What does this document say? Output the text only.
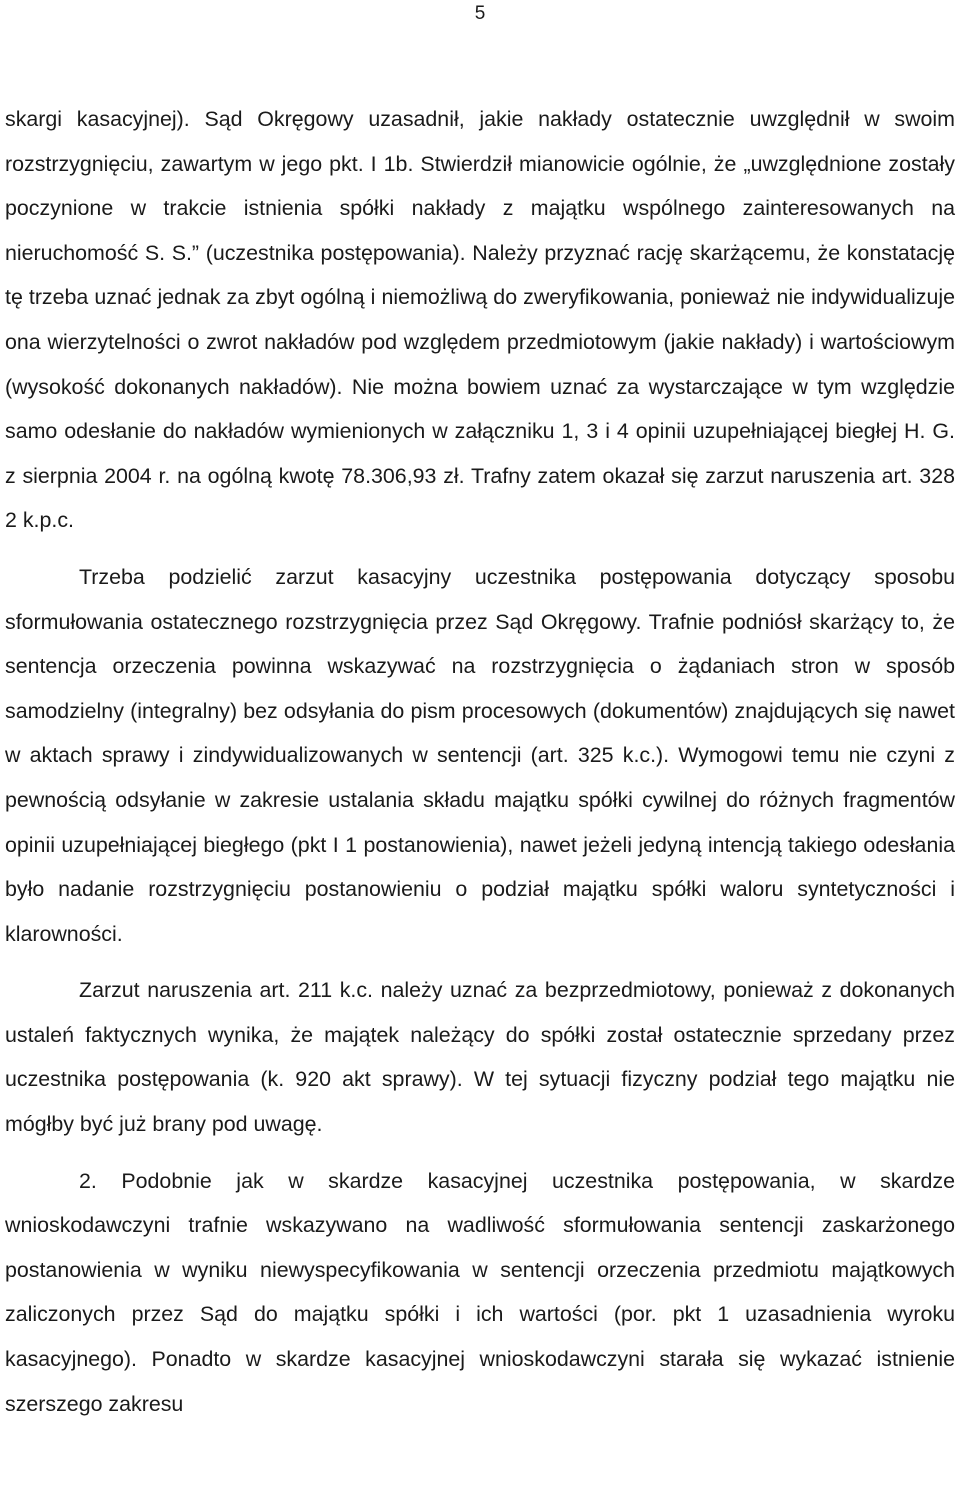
5

skargi kasacyjnej). Sąd Okręgowy uzasadnił, jakie nakłady ostatecznie uwzględnił w swoim rozstrzygnięciu, zawartym w jego pkt. I 1b. Stwierdził mianowicie ogólnie, że „uwzględnione zostały poczynione w trakcie istnienia spółki nakłady z majątku wspólnego zainteresowanych na nieruchomość S. S.” (uczestnika postępowania). Należy przyznać rację skarżącemu, że konstatację tę trzeba uznać jednak za zbyt ogólną i niemożliwą do zweryfikowania, ponieważ nie indywidualizuje ona wierzytelności o zwrot nakładów pod względem przedmiotowym (jakie nakłady) i wartościowym (wysokość dokonanych nakładów). Nie można bowiem uznać za wystarczające w tym względzie samo odesłanie do nakładów wymienionych w załączniku 1, 3 i 4 opinii uzupełniającej biegłej H. G. z sierpnia 2004 r. na ogólną kwotę 78.306,93 zł. Trafny zatem okazał się zarzut naruszenia art. 328 2 k.p.c.

Trzeba podzielić zarzut kasacyjny uczestnika postępowania dotyczący sposobu sformułowania ostatecznego rozstrzygnięcia przez Sąd Okręgowy. Trafnie podniósł skarżący to, że sentencja orzeczenia powinna wskazywać na rozstrzygnięcia o żądaniach stron w sposób samodzielny (integralny) bez odsyłania do pism procesowych (dokumentów) znajdujących się nawet w aktach sprawy i zindywidualizowanych w sentencji (art. 325 k.c.). Wymogowi temu nie czyni z pewnością odsyłanie w zakresie ustalania składu majątku spółki cywilnej do różnych fragmentów opinii uzupełniającej biegłego (pkt I 1 postanowienia), nawet jeżeli jedyną intencją takiego odesłania było nadanie rozstrzygnięciu postanowieniu o podział majątku spółki waloru syntetyczności i klarowności.

Zarzut naruszenia art. 211 k.c. należy uznać za bezprzedmiotowy, ponieważ z dokonanych ustaleń faktycznych wynika, że majątek należący do spółki został ostatecznie sprzedany przez uczestnika postępowania (k. 920 akt sprawy). W tej sytuacji fizyczny podział tego majątku nie mógłby być już brany pod uwagę.

2. Podobnie jak w skardze kasacyjnej uczestnika postępowania, w skardze wnioskodawczyni trafnie wskazywano na wadliwość sformułowania sentencji zaskarżonego postanowienia w wyniku niewyspecyfikowania w sentencji orzeczenia przedmiotu majątkowych zaliczonych przez Sąd do majątku spółki i ich wartości (por. pkt 1 uzasadnienia wyroku kasacyjnego). Ponadto w skardze kasacyjnej wnioskodawczyni starała się wykazać istnienie szerszego zakresu
